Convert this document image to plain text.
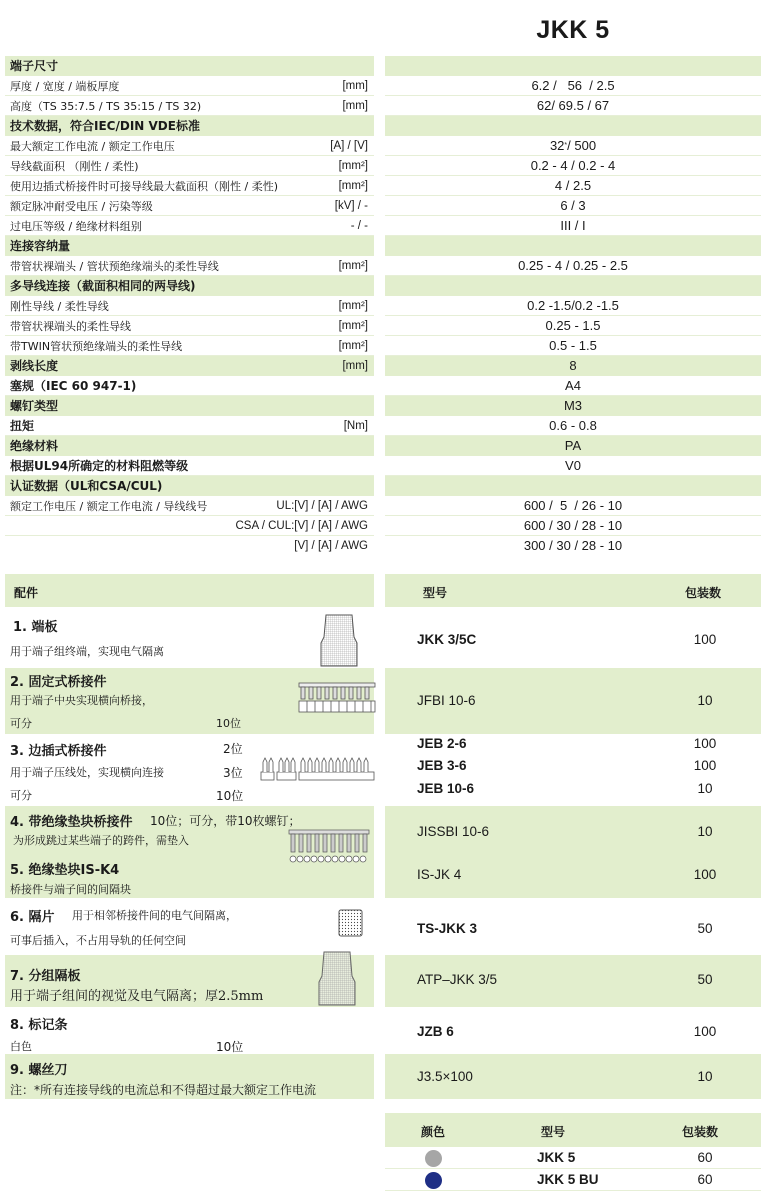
JKK 5
端子尺寸
厚度 / 宽度 / 端板厚度	[mm]	6.2 /   56  / 2.5
高度（TS 35:7.5 / TS 35:15 / TS 32)	[mm]	62/ 69.5 / 67
技术数据，符合IEC/DIN VDE标准
最大额定工作电流 / 额定工作电压	[A] / [V]	32 * / 500
导线截面积 （刚性 / 柔性)	[mm²]	0.2 - 4 / 0.2 - 4
使用边插式桥接件时可接导线最大截面积（刚性 / 柔性)	[mm²]	4 / 2.5
额定脉冲耐受电压 / 污染等级	[kV] / -	6 / 3
过电压等级 / 绝缘材料组别	- / -	III / I
连接容纳量
带管状裸端头 / 管状预绝缘端头的柔性导线	[mm²]	0.25 - 4 / 0.25 - 2.5
多导线连接（截面积相同的两导线)
刚性导线 / 柔性导线	[mm²]	0.2 -1.5/0.2 -1.5
带管状裸端头的柔性导线	[mm²]	0.25 - 1.5
带TWIN管状预绝缘端头的柔性导线	[mm²]	0.5 - 1.5
剥线长度	[mm]	8
塞规（IEC 60 947-1)	A4
螺钉类型	M3
扭矩	[Nm]	0.6 - 0.8
绝缘材料	PA
根据UL94所确定的材料阻燃等级	V0
认证数据（UL和CSA/CUL)
额定工作电压 / 额定工作电流 / 导线线号	UL:[V] / [A] / AWG	600 /  5  / 26 - 10
CSA / CUL:[V] / [A] / AWG	600 / 30 / 28 - 10
[V] / [A] / AWG	300 / 30 / 28 - 10
配件	型号	包装数
1. 端板
用于端子组终端，实现电气隔离
JKK 3/5C	100
2. 固定式桥接件
用于端子中央实现横向桥接，
可分	10位
JFBI 10-6	10
3. 边插式桥接件	2位
用于端子压线处，实现横向连接	3位
可分	10位
JEB 2-6	100
JEB 3-6	100
JEB 10-6	10
4. 带绝缘垫块桥接件 10位；可分，带10枚螺钉；
为形成跳过某些端子的跨件，需垫入
5. 绝缘垫块IS-K4
桥接件与端子间的间隔块
JISSBI 10-6	10
IS-JK 4	100
6. 隔片 用于相邻桥接件间的电气间隔离，
可事后插入，不占用导轨的任何空间
TS-JKK 3	50
7. 分组隔板
用于端子组间的视觉及电气隔离；厚2.5mm
ATP–JKK 3/5	50
8. 标记条
白色	10位
JZB 6	100
9. 螺丝刀
注：*所有连接导线的电流总和不得超过最大额定工作电流
J3.5×100	10
颜色	型号	包装数
JKK 5	60
JKK 5 BU	60
